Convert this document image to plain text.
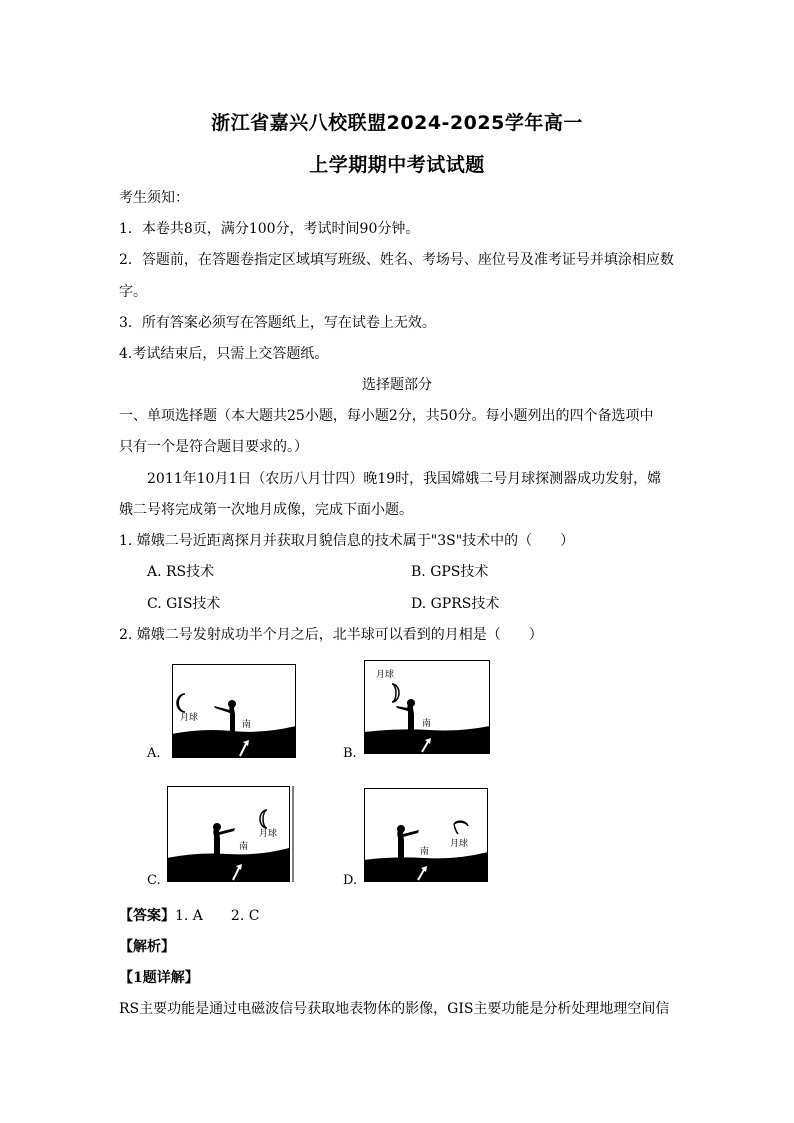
浙江省嘉兴八校联盟2024-2025学年高一
上学期期中考试试题
考生须知：
1．本卷共8页，满分100分，考试时间90分钟。
2．答题前，在答题卷指定区域填写班级、姓名、考场号、座位号及准考证号并填涂相应数
字。
3．所有答案必须写在答题纸上，写在试卷上无效。
4.考试结束后，只需上交答题纸。
选择题部分
一、单项选择题（本大题共25小题，每小题2分，共50分。每小题列出的四个备选项中
只有一个是符合题目要求的。）
2011年10月1日（农历八月廿四）晚19时，我国嫦娥二号月球探测器成功发射，嫦
娥二号将完成第一次地月成像，完成下面小题。
1. 嫦娥二号近距离探月并获取月貌信息的技术属于"3S"技术中的（　　）
A. RS技术	B. GPS技术
C. GIS技术	D. GPRS技术
2. 嫦娥二号发射成功半个月之后，北半球可以看到的月相是（　　）
A.
月球
南
B.
月球
南
C.
月球
南
D.
月球
南
【答案】1. A　　2. C
【解析】
【1题详解】
RS主要功能是通过电磁波信号获取地表物体的影像，GIS主要功能是分析处理地理空间信
